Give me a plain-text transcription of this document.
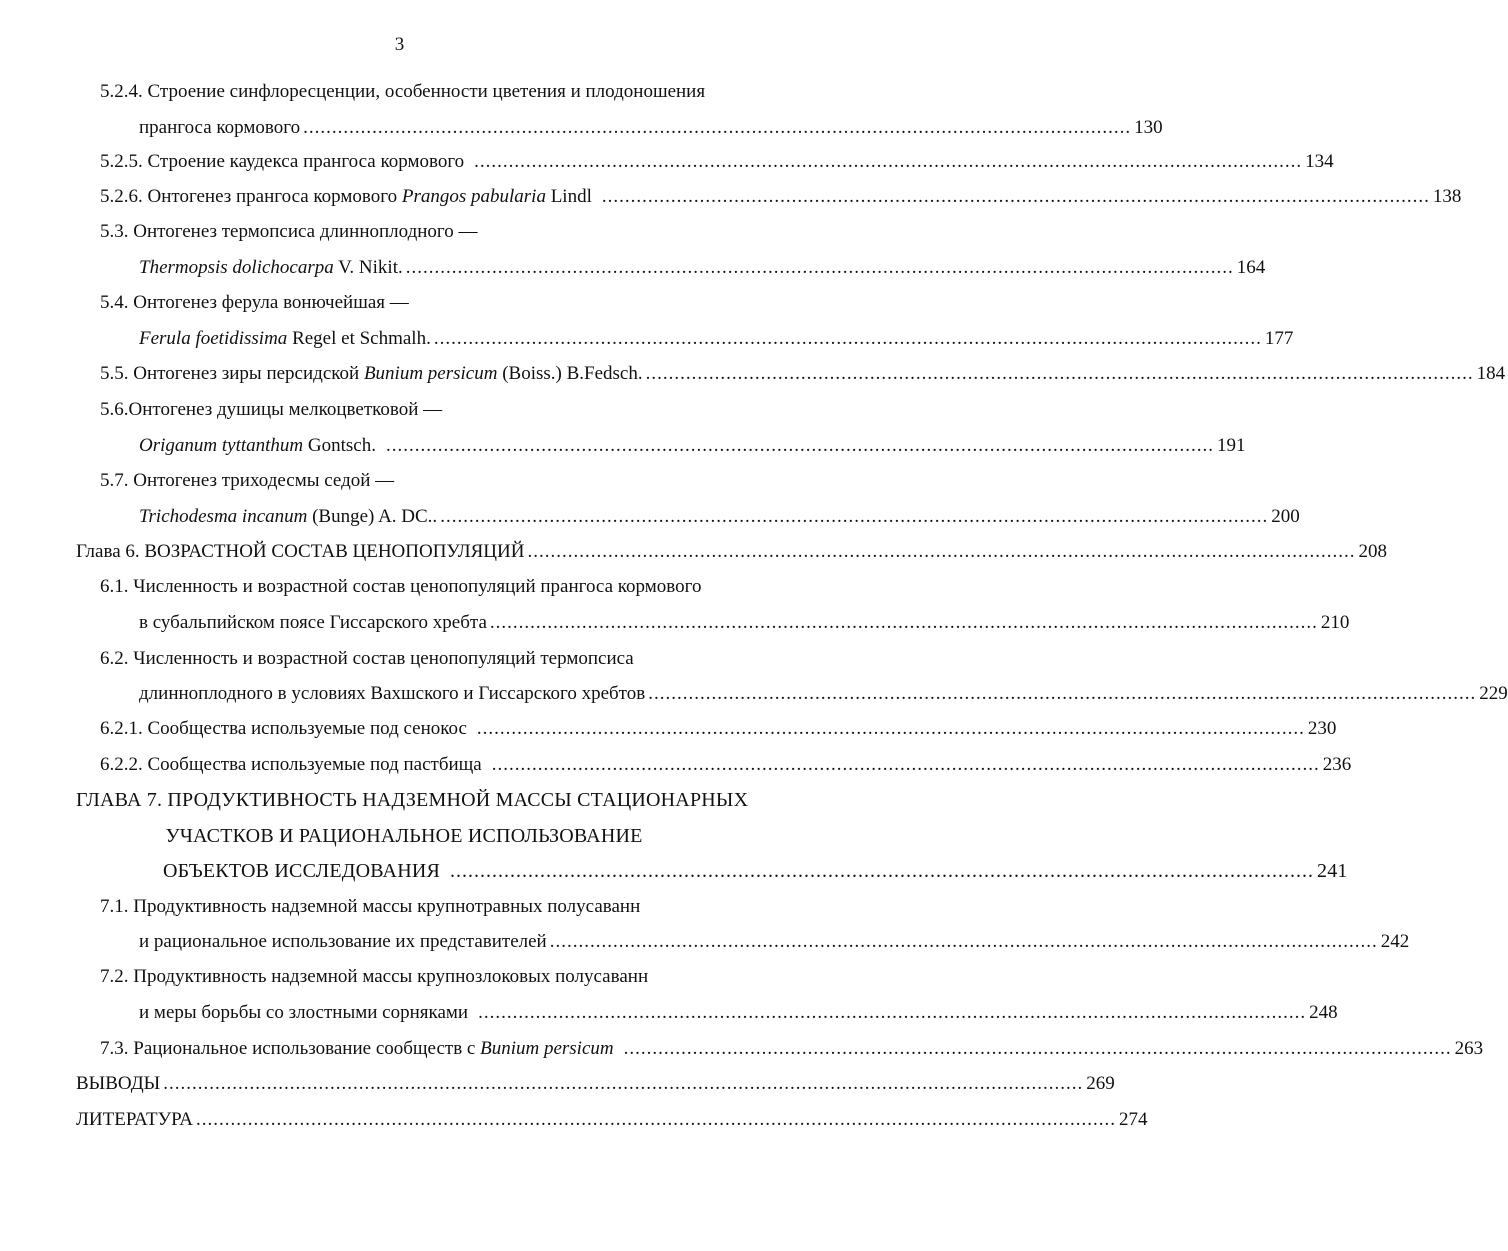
3
5.2.4. Строение синфлоресценции, особенности цветения и плодоношения
прангоса кормового ................................................................................................................................................ 130
5.2.5. Строение каудекса прангоса кормового ................................................................................................................................................ 134
5.2.6. Онтогенез прангоса кормового Prangos pabularia Lindl ................................................................................................................................................ 138
5.3. Онтогенез термопсиса длинноплодного —
Thermopsis dolichocarpa V. Nikit. ................................................................................................................................................ 164
5.4. Онтогенез ферула вонючейшая —
Ferula foetidissima Regel et Schmalh. ................................................................................................................................................ 177
5.5. Онтогенез зиры персидской Bunium persicum (Boiss.) B.Fedsch. ................................................................................................................................................ 184
5.6.Онтогенез душицы мелкоцветковой —
Origanum tyttanthum Gontsch. ................................................................................................................................................ 191
5.7. Онтогенез триходесмы седой —
Trichodesma incanum (Bunge) A. DC.. ................................................................................................................................................ 200
Глава 6. ВОЗРАСТНОЙ СОСТАВ ЦЕНОПОПУЛЯЦИЙ ................................................................................................................................................ 208
6.1. Численность и возрастной состав ценопопуляций прангоса кормового
в субальпийском поясе Гиссарского хребта ................................................................................................................................................ 210
6.2. Численность и возрастной состав ценопопуляций термопсиса
длинноплодного в условиях Вахшского и Гиссарского хребтов ................................................................................................................................................ 229
6.2.1. Сообщества используемые под сенокос ................................................................................................................................................ 230
6.2.2. Сообщества используемые под пастбища ................................................................................................................................................ 236
ГЛАВА 7. ПРОДУКТИВНОСТЬ НАДЗЕМНОЙ МАССЫ СТАЦИОНАРНЫХ
УЧАСТКОВ И РАЦИОНАЛЬНОЕ ИСПОЛЬЗОВАНИЕ
ОБЪЕКТОВ ИССЛЕДОВАНИЯ ................................................................................................................................................ 241
7.1. Продуктивность надземной массы крупнотравных полусаванн
и рациональное использование их представителей ................................................................................................................................................ 242
7.2. Продуктивность надземной массы крупнозлоковых полусаванн
и меры борьбы со злостными сорняками ................................................................................................................................................ 248
7.3. Рациональное использование сообществ с Bunium persicum ................................................................................................................................................ 263
ВЫВОДЫ ................................................................................................................................................................ 269
ЛИТЕРАТУРА ................................................................................................................................................................ 274
